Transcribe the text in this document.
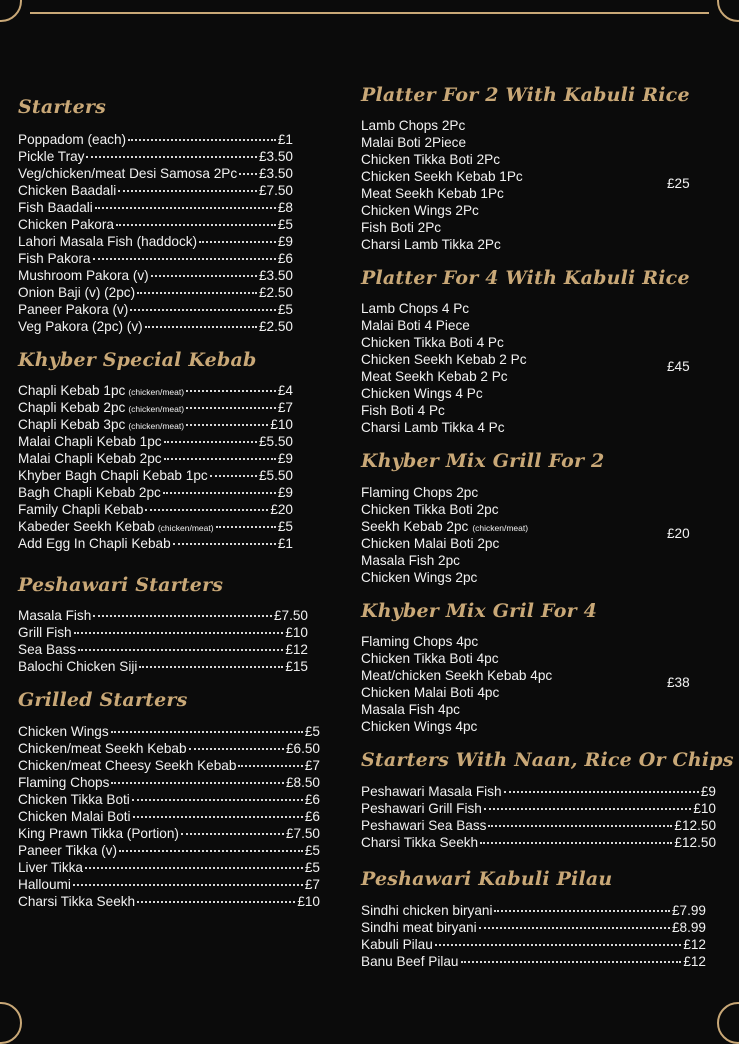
Starters
Poppadom (each)	£1
Pickle Tray	£3.50
Veg/chicken/meat Desi Samosa 2Pc £3.50
Chicken Baadali	£7.50
Fish Baadali	£8
Chicken Pakora	£5
Lahori Masala Fish (haddock)	£9
Fish Pakora	£6
Mushroom Pakora (v)	£3.50
Onion Baji (v) (2pc)	£2.50
Paneer Pakora (v)	£5
Veg Pakora (2pc) (v)	£2.50
Khyber Special Kebab
Chapli Kebab 1pc (chicken/meat)	£4
Chapli Kebab 2pc (chicken/meat)	£7
Chapli Kebab 3pc (chicken/meat)	£10
Malai Chapli Kebab 1pc	£5.50
Malai Chapli Kebab 2pc	£9
Khyber Bagh Chapli Kebab 1pc	£5.50
Bagh Chapli Kebab 2pc	£9
Family Chapli Kebab	£20
Kabeder Seekh Kebab (chicken/meat)	£5
Add Egg In Chapli Kebab	£1
Peshawari Starters
Masala Fish	£7.50
Grill Fish	£10
Sea Bass	£12
Balochi Chicken Siji	£15
Grilled Starters
Chicken Wings	£5
Chicken/meat Seekh Kebab	£6.50
Chicken/meat Cheesy Seekh Kebab	£7
Flaming Chops	£8.50
Chicken Tikka Boti	£6
Chicken Malai Boti	£6
King Prawn Tikka (Portion)	£7.50
Paneer Tikka (v)	£5
Liver Tikka	£5
Halloumi	£7
Charsi Tikka Seekh	£10
Platter For 2 With Kabuli Rice
Lamb Chops 2Pc
Malai Boti 2Piece
Chicken Tikka Boti 2Pc
Chicken Seekh Kebab 1Pc
Meat Seekh Kebab 1Pc
Chicken Wings 2Pc
Fish Boti 2Pc
Charsi Lamb Tikka 2Pc
£25
Platter For 4 With Kabuli Rice
Lamb Chops 4 Pc
Malai Boti 4 Piece
Chicken Tikka Boti 4 Pc
Chicken Seekh Kebab 2 Pc
Meat Seekh Kebab 2 Pc
Chicken Wings 4 Pc
Fish Boti 4 Pc
Charsi Lamb Tikka 4 Pc
£45
Khyber Mix Grill For 2
Flaming Chops 2pc
Chicken Tikka Boti 2pc
Seekh Kebab 2pc (chicken/meat)
Chicken Malai Boti 2pc
Masala Fish 2pc
Chicken Wings 2pc
£20
Khyber Mix Gril For 4
Flaming Chops 4pc
Chicken Tikka Boti 4pc
Meat/chicken Seekh Kebab 4pc
Chicken Malai Boti 4pc
Masala Fish 4pc
Chicken Wings 4pc
£38
Starters With Naan, Rice Or Chips
Peshawari Masala Fish	£9
Peshawari Grill Fish	£10
Peshawari Sea Bass	£12.50
Charsi Tikka Seekh	£12.50
Peshawari Kabuli Pilau
Sindhi chicken biryani	£7.99
Sindhi meat biryani	£8.99
Kabuli Pilau	£12
Banu Beef Pilau	£12
